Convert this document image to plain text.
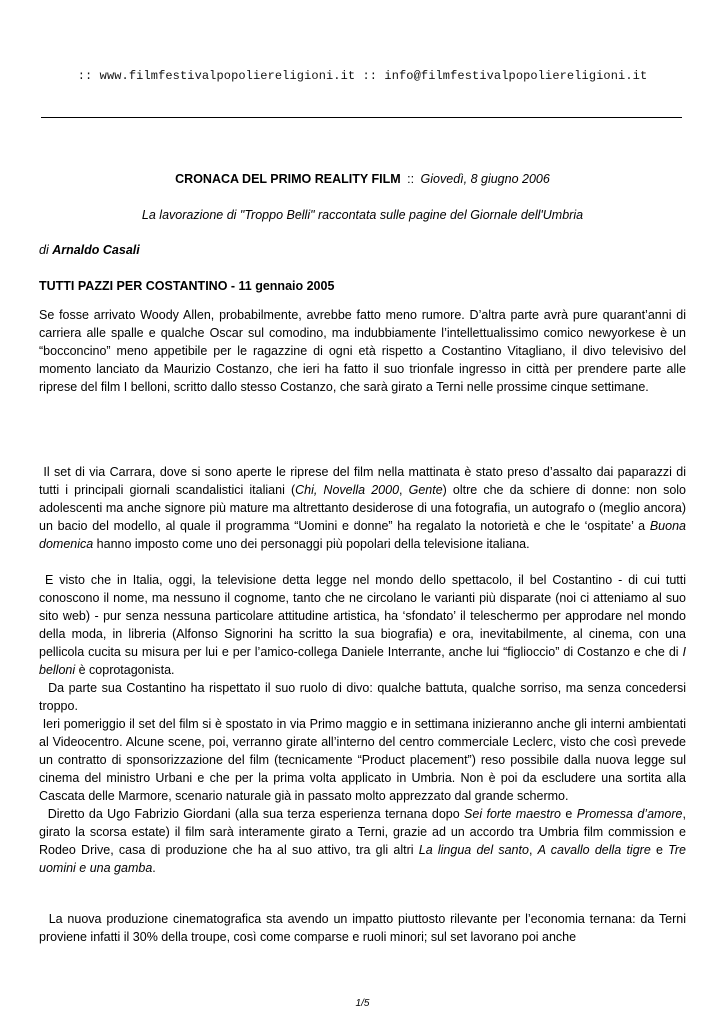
:: www.filmfestivalpopoliereligioni.it :: info@filmfestivalpopoliereligioni.it
CRONACA DEL PRIMO REALITY FILM :: Giovedì, 8 giugno 2006
La lavorazione di "Troppo Belli" raccontata sulle pagine del Giornale dell'Umbria
di Arnaldo Casali
TUTTI PAZZI PER COSTANTINO - 11 gennaio 2005

Se fosse arrivato Woody Allen, probabilmente, avrebbe fatto meno rumore. D’altra parte avrà pure quarant’anni di carriera alle spalle e qualche Oscar sul comodino, ma indubbiamente l’intellettualissimo comico newyorkese è un “bocconcino” meno appetibile per le ragazzine di ogni età rispetto a Costantino Vitagliano, il divo televisivo del momento lanciato da Maurizio Costanzo, che ieri ha fatto il suo trionfale ingresso in città per prendere parte alle riprese del film I belloni, scritto dallo stesso Costanzo, che sarà girato a Terni nelle prossime cinque settimane.

Il set di via Carrara, dove si sono aperte le riprese del film nella mattinata è stato preso d’assalto dai paparazzi di tutti i principali giornali scandalistici italiani (Chi, Novella 2000, Gente) oltre che da schiere di donne: non solo adolescenti ma anche signore più mature ma altrettanto desiderose di una fotografia, un autografo o (meglio ancora) un bacio del modello, al quale il programma “Uomini e donne” ha regalato la notorietà e che le ‘ospitate’ a Buona domenica hanno imposto come uno dei personaggi più popolari della televisione italiana.

E visto che in Italia, oggi, la televisione detta legge nel mondo dello spettacolo, il bel Costantino - di cui tutti conoscono il nome, ma nessuno il cognome, tanto che ne circolano le varianti più disparate (noi ci atteniamo al suo sito web) - pur senza nessuna particolare attitudine artistica, ha ‘sfondato’ il teleschermo per approdare nel mondo della moda, in libreria (Alfonso Signorini ha scritto la sua biografia) e ora, inevitabilmente, al cinema, con una pellicola cucita su misura per lui e per l’amico-collega Daniele Interrante, anche lui “figlioccio” di Costanzo e che di I belloni è coprotagonista.

Da parte sua Costantino ha rispettato il suo ruolo di divo: qualche battuta, qualche sorriso, ma senza concedersi troppo.

Ieri pomeriggio il set del film si è spostato in via Primo maggio e in settimana inizieranno anche gli interni ambientati al Videocentro. Alcune scene, poi, verranno girate all’interno del centro commerciale Leclerc, visto che così prevede un contratto di sponsorizzazione del film (tecnicamente “Product placement”) reso possibile dalla nuova legge sul cinema del ministro Urbani e che per la prima volta applicato in Umbria. Non è poi da escludere una sortita alla Cascata delle Marmore, scenario naturale già in passato molto apprezzato dal grande schermo.

Diretto da Ugo Fabrizio Giordani (alla sua terza esperienza ternana dopo Sei forte maestro e Promessa d’amore, girato la scorsa estate) il film sarà interamente girato a Terni, grazie ad un accordo tra Umbria film commission e Rodeo Drive, casa di produzione che ha al suo attivo, tra gli altri La lingua del santo, A cavallo della tigre e Tre uomini e una gamba.

La nuova produzione cinematografica sta avendo un impatto piuttosto rilevante per l’economia ternana: da Terni proviene infatti il 30% della troupe, così come comparse e ruoli minori; sul set lavorano poi anche

1/5
